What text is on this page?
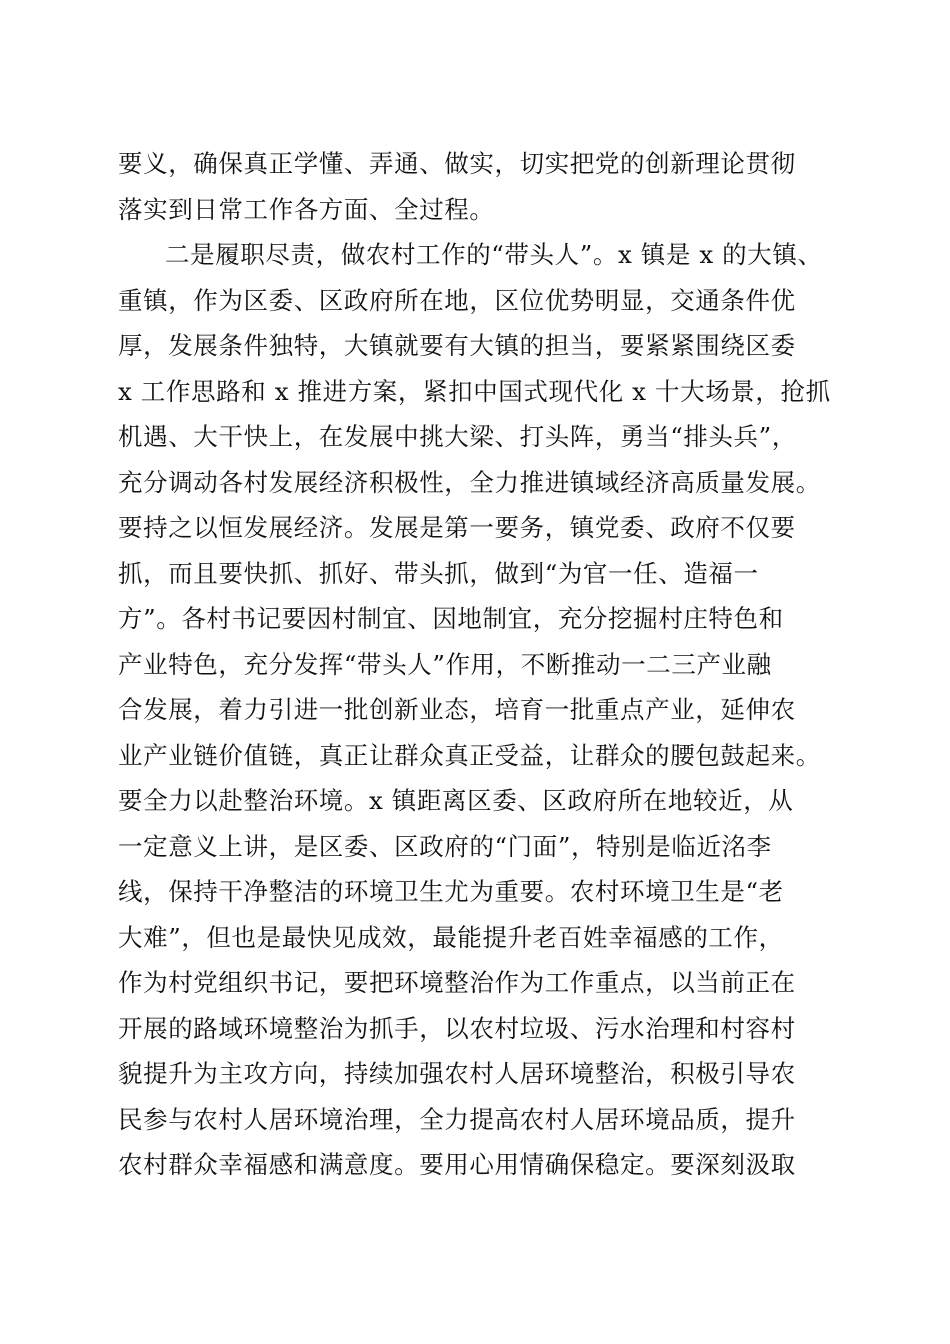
要义，确保真正学懂、弄通、做实，切实把党的创新理论贯彻
落实到日常工作各方面、全过程。
二是履职尽责，做农村工作的“带头人”。x 镇是 x 的大镇、
重镇，作为区委、区政府所在地，区位优势明显，交通条件优
厚，发展条件独特，大镇就要有大镇的担当，要紧紧围绕区委
x 工作思路和 x 推进方案，紧扣中国式现代化 x 十大场景，抢抓
机遇、大干快上，在发展中挑大梁、打头阵，勇当“排头兵”，
充分调动各村发展经济积极性，全力推进镇域经济高质量发展。
要持之以恒发展经济。发展是第一要务，镇党委、政府不仅要
抓，而且要快抓、抓好、带头抓，做到“为官一任、造福一
方”。各村书记要因村制宜、因地制宜，充分挖掘村庄特色和
产业特色，充分发挥“带头人”作用，不断推动一二三产业融
合发展，着力引进一批创新业态，培育一批重点产业，延伸农
业产业链价值链，真正让群众真正受益，让群众的腰包鼓起来。
要全力以赴整治环境。x 镇距离区委、区政府所在地较近，从
一定意义上讲，是区委、区政府的“门面”，特别是临近洺李
线，保持干净整洁的环境卫生尤为重要。农村环境卫生是“老
大难”，但也是最快见成效，最能提升老百姓幸福感的工作，
作为村党组织书记，要把环境整治作为工作重点，以当前正在
开展的路域环境整治为抓手，以农村垃圾、污水治理和村容村
貌提升为主攻方向，持续加强农村人居环境整治，积极引导农
民参与农村人居环境治理，全力提高农村人居环境品质，提升
农村群众幸福感和满意度。要用心用情确保稳定。要深刻汲取
